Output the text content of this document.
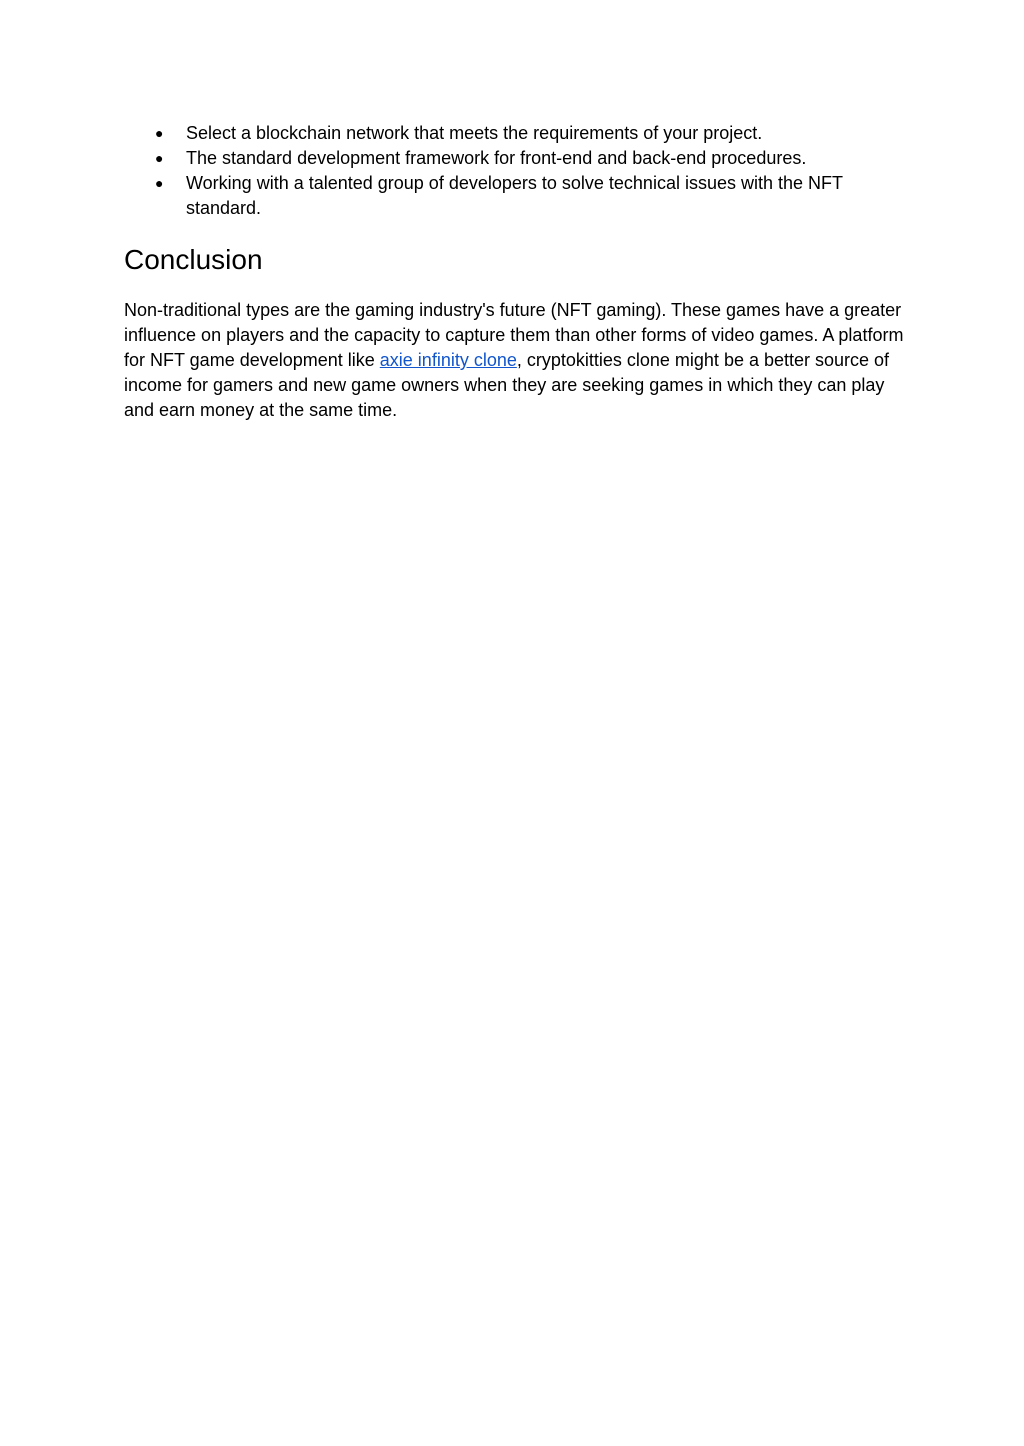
● Select a blockchain network that meets the requirements of your project.
● The standard development framework for front-end and back-end procedures.
● Working with a talented group of developers to solve technical issues with the NFT standard.
Conclusion

Non-traditional types are the gaming industry's future (NFT gaming). These games have a greater influence on players and the capacity to capture them than other forms of video games. A platform for NFT game development like axie infinity clone, cryptokitties clone might be a better source of income for gamers and new game owners when they are seeking games in which they can play and earn money at the same time.
